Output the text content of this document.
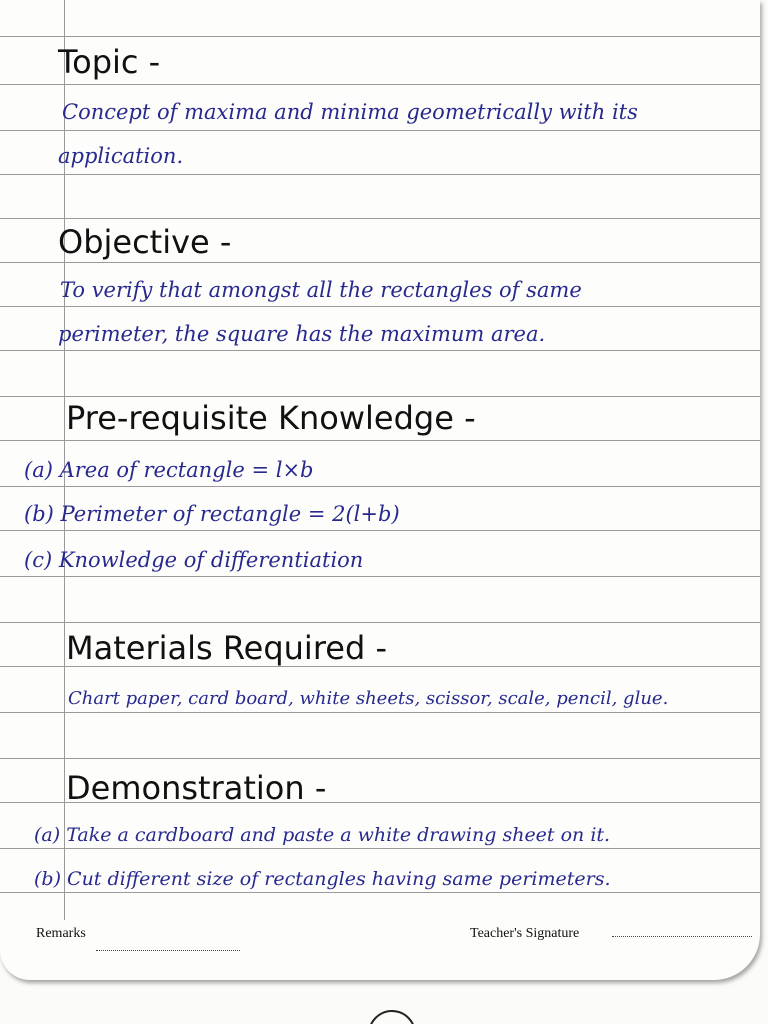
Topic -
Concept of maxima and minima geometrically with its
application.
Objective -
To verify that amongst all the rectangles of same
perimeter, the square has the maximum area.
Pre-requisite Knowledge -
(a) Area of rectangle = l×b
(b) Perimeter of rectangle = 2(l+b)
(c) Knowledge of differentiation
Materials Required -
Chart paper, card board, white sheets, scissor, scale, pencil, glue.
Demonstration -
(a) Take a cardboard and paste a white drawing sheet on it.
(b) Cut different size of rectangles having same perimeters.
Remarks	Teacher's Signature
